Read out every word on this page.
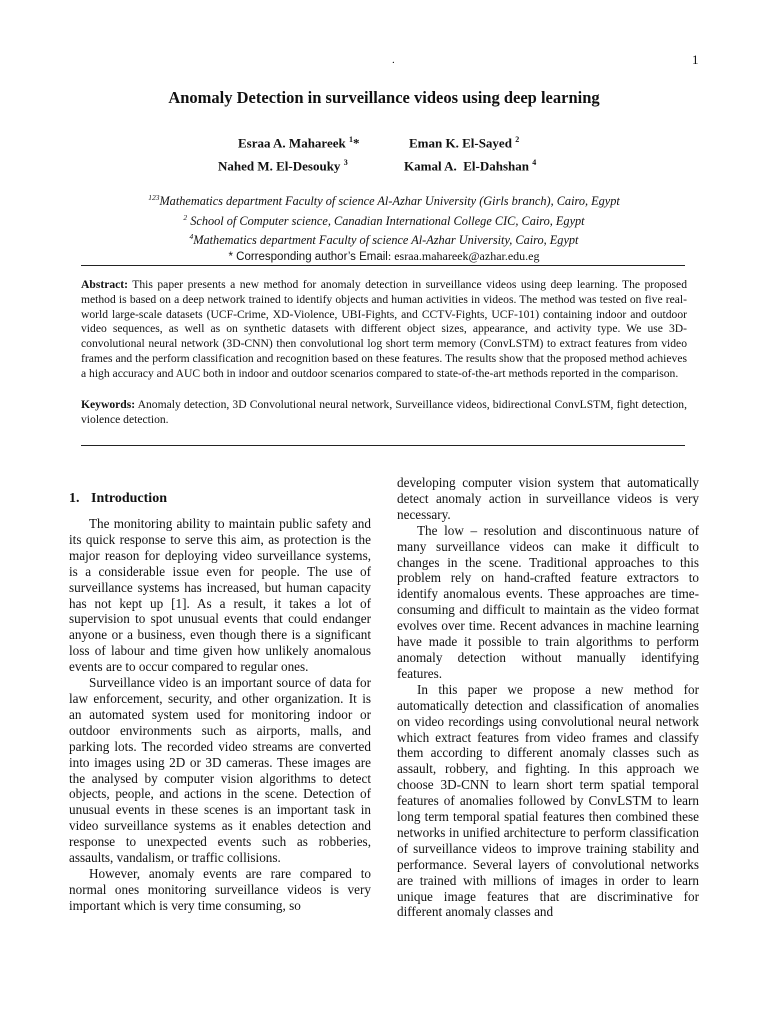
.	1
Anomaly Detection in surveillance videos using deep learning
Esraa A. Mahareek $^1$*	Eman K. El-Sayed $^2$
Nahed M. El-Desouky $^3$	Kamal A.  El-Dahshan $^4$
$^{123}$Mathematics department Faculty of science Al-Azhar University (Girls branch), Cairo, Egypt
$^2$ School of Computer science, Canadian International College CIC, Cairo, Egypt
$^4$Mathematics department Faculty of science Al-Azhar University, Cairo, Egypt
* Corresponding author’s Email: esraa.mahareek@azhar.edu.eg

Abstract: This paper presents a new method for anomaly detection in surveillance videos using deep learning. The proposed method is based on a deep network trained to identify objects and human activities in videos. The method was tested on five real-world large-scale datasets (UCF-Crime, XD-Violence, UBI-Fights, and CCTV-Fights, UCF-101) containing indoor and outdoor video sequences, as well as on synthetic datasets with different object sizes, appearance, and activity type. We use 3D- convolutional neural network (3D-CNN) then convolutional log short term memory (ConvLSTM) to extract features from video frames and the perform classification and recognition based on these features. The results show that the proposed method achieves a high accuracy and AUC both in indoor and outdoor scenarios compared to state-of-the-art methods reported in the comparison.

Keywords: Anomaly detection, 3D Convolutional neural network, Surveillance videos, bidirectional ConvLSTM, fight detection, violence detection.

1. Introduction

The monitoring ability to maintain public safety and its quick response to serve this aim, as protection is the major reason for deploying video surveillance systems, is a considerable issue even for people. The use of surveillance systems has increased, but human capacity has not kept up [1]. As a result, it takes a lot of supervision to spot unusual events that could endanger anyone or a business, even though there is a significant loss of labour and time given how unlikely anomalous events are to occur compared to regular ones.

Surveillance video is an important source of data for law enforcement, security, and other organization. It is an automated system used for monitoring indoor or outdoor environments such as airports, malls, and parking lots. The recorded video streams are converted into images using 2D or 3D cameras. These images are the analysed by computer vision algorithms to detect objects, people, and actions in the scene. Detection of unusual events in these scenes is an important task in video surveillance systems as it enables detection and response to unexpected events such as robberies, assaults, vandalism, or traffic collisions.

However, anomaly events are rare compared to normal ones monitoring surveillance videos is very important which is very time consuming, so

developing computer vision system that automatically detect anomaly action in surveillance videos is very necessary.

The low – resolution and discontinuous nature of many surveillance videos can make it difficult to changes in the scene. Traditional approaches to this problem rely on hand-crafted feature extractors to identify anomalous events. These approaches are time-consuming and difficult to maintain as the video format evolves over time. Recent advances in machine learning have made it possible to train algorithms to perform anomaly detection without manually identifying features.

In this paper we propose a new method for automatically detection and classification of anomalies on video recordings using convolutional neural network which extract features from video frames and classify them according to different anomaly classes such as assault, robbery, and fighting. In this approach we choose 3D-CNN to learn short term spatial temporal features of anomalies followed by ConvLSTM to learn long term temporal spatial features then combined these networks in unified architecture to perform classification of surveillance videos to improve training stability and performance. Several layers of convolutional networks are trained with millions of images in order to learn unique image features that are discriminative for different anomaly classes and
